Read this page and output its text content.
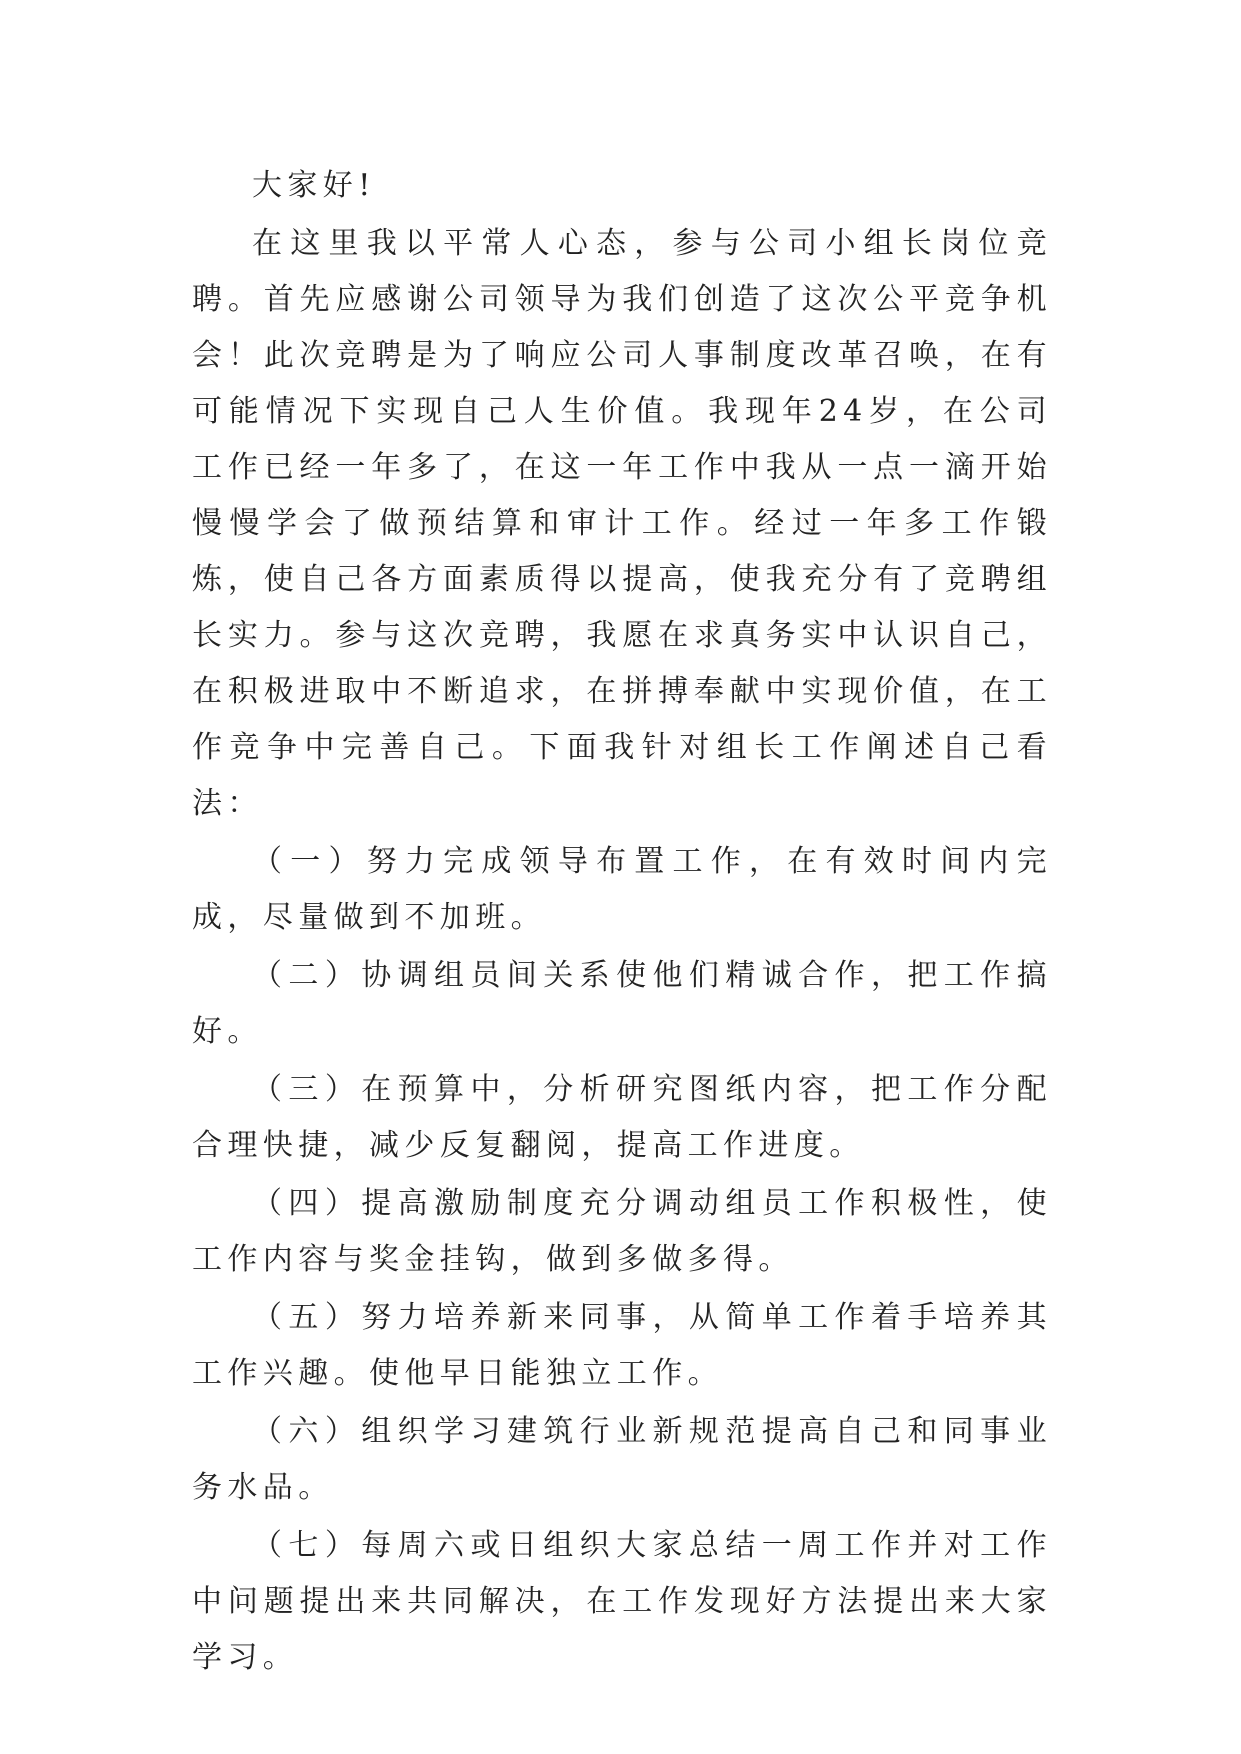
大家好!

在这里我以平常人心态，参与公司小组长岗位竞聘。首先应感谢公司领导为我们创造了这次公平竞争机会！此次竞聘是为了响应公司人事制度改革召唤，在有可能情况下实现自己人生价值。我现年24岁，在公司工作已经一年多了，在这一年工作中我从一点一滴开始慢慢学会了做预结算和审计工作。经过一年多工作锻炼，使自己各方面素质得以提高，使我充分有了竞聘组长实力。参与这次竞聘，我愿在求真务实中认识自己，在积极进取中不断追求，在拼搏奉献中实现价值，在工作竞争中完善自己。下面我针对组长工作阐述自己看法：

（一）努力完成领导布置工作，在有效时间内完成，尽量做到不加班。

（二）协调组员间关系使他们精诚合作，把工作搞好。

（三）在预算中，分析研究图纸内容，把工作分配合理快捷，减少反复翻阅，提高工作进度。

（四）提高激励制度充分调动组员工作积极性，使工作内容与奖金挂钩，做到多做多得。

（五）努力培养新来同事，从简单工作着手培养其工作兴趣。使他早日能独立工作。

（六）组织学习建筑行业新规范提高自己和同事业务水品。

（七）每周六或日组织大家总结一周工作并对工作中问题提出来共同解决，在工作发现好方法提出来大家学习。
